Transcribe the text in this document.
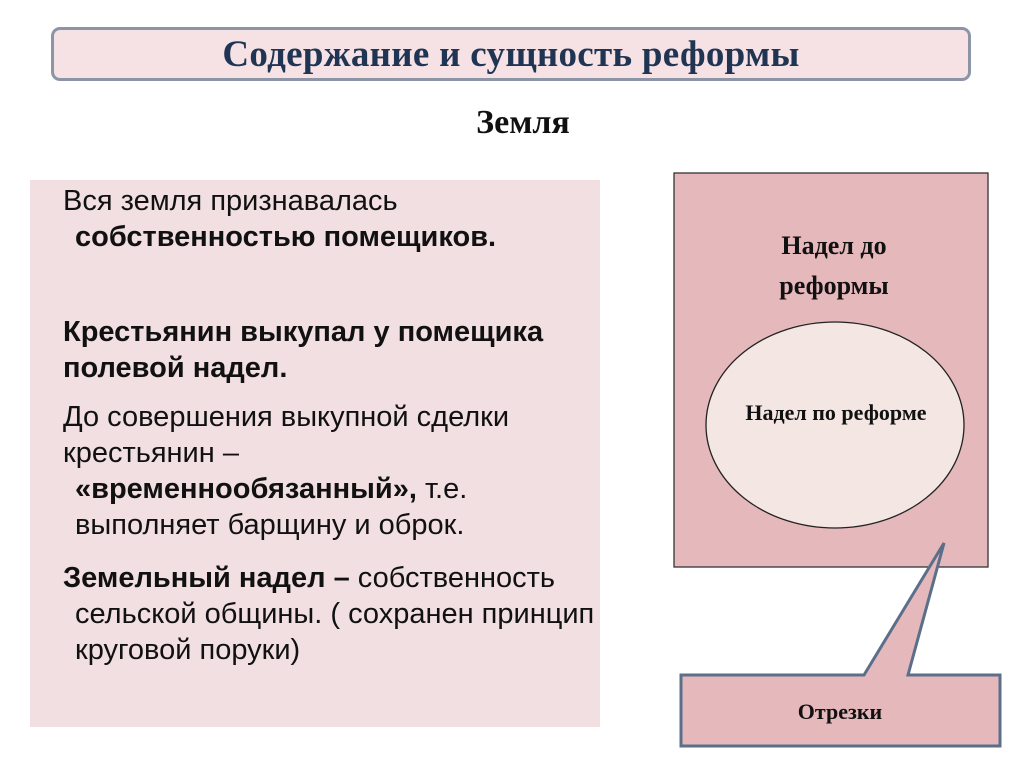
Содержание и сущность реформы
Земля
Вся земля признавалась собственностью помещиков.
Крестьянин выкупал у помещика полевой надел.
До совершения выкупной сделки крестьянин – «временнообязанный», т.е. выполняет барщину и оброк.
Земельный надел – собственность сельской общины. ( сохранен принцип круговой поруки)
Надел до реформы
Надел по реформе
Отрезки
